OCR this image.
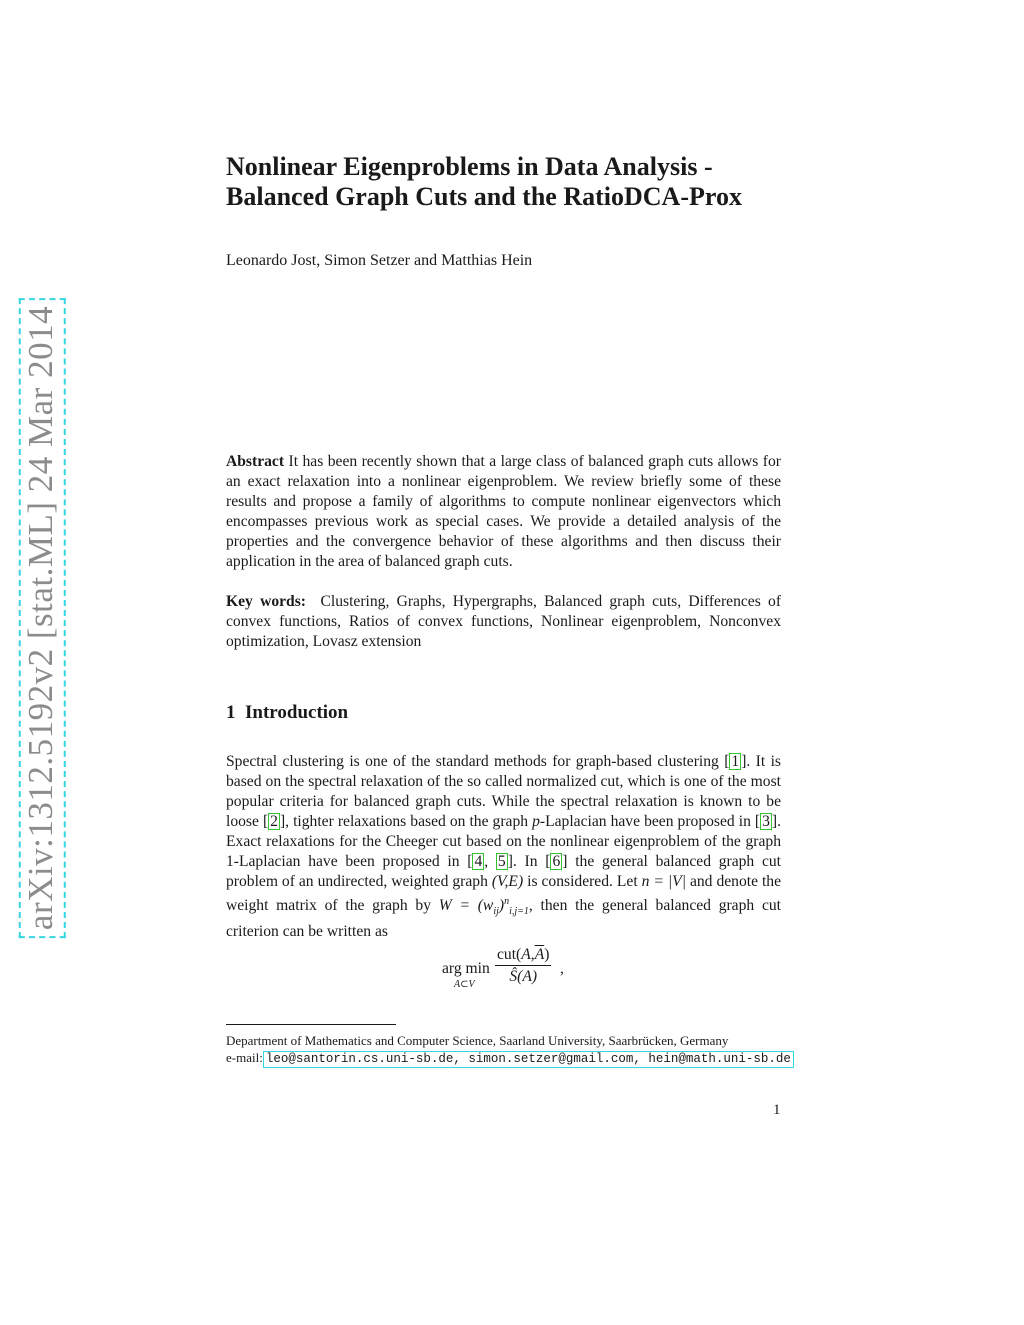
arXiv:1312.5192v2 [stat.ML] 24 Mar 2014
Nonlinear Eigenproblems in Data Analysis -
Balanced Graph Cuts and the RatioDCA-Prox
Leonardo Jost, Simon Setzer and Matthias Hein
Abstract It has been recently shown that a large class of balanced graph cuts allows for an exact relaxation into a nonlinear eigenproblem. We review briefly some of these results and propose a family of algorithms to compute nonlinear eigenvectors which encompasses previous work as special cases. We provide a detailed analysis of the properties and the convergence behavior of these algorithms and then discuss their application in the area of balanced graph cuts.
Key words: Clustering, Graphs, Hypergraphs, Balanced graph cuts, Differences of convex functions, Ratios of convex functions, Nonlinear eigenproblem, Nonconvex optimization, Lovasz extension
1 Introduction
Spectral clustering is one of the standard methods for graph-based clustering [ 1 ]. It is based on the spectral relaxation of the so called normalized cut, which is one of the most popular criteria for balanced graph cuts. While the spectral relaxation is known to be loose [ 2 ], tighter relaxations based on the graph p-Laplacian have been proposed in [ 3 ]. Exact relaxations for the Cheeger cut based on the nonlinear eigenproblem of the graph 1-Laplacian have been proposed in [ 4 , 5 ]. In [ 6 ] the general balanced graph cut problem of an undirected, weighted graph (V,E) is considered. Let n = |V| and denote the weight matrix of the graph by $W = (w_{ij})^n_{i,j=1}$, then the general balanced graph cut criterion can be written as
arg min
A⊂V
$cut(A,\overline{A})$
Ŝ(A)	,
Department of Mathematics and Computer Science, Saarland University, Saarbrücken, Germany
e-mail: leo@santorin.cs.uni-sb.de, simon.setzer@gmail.com, hein@math.uni-sb.de
1
